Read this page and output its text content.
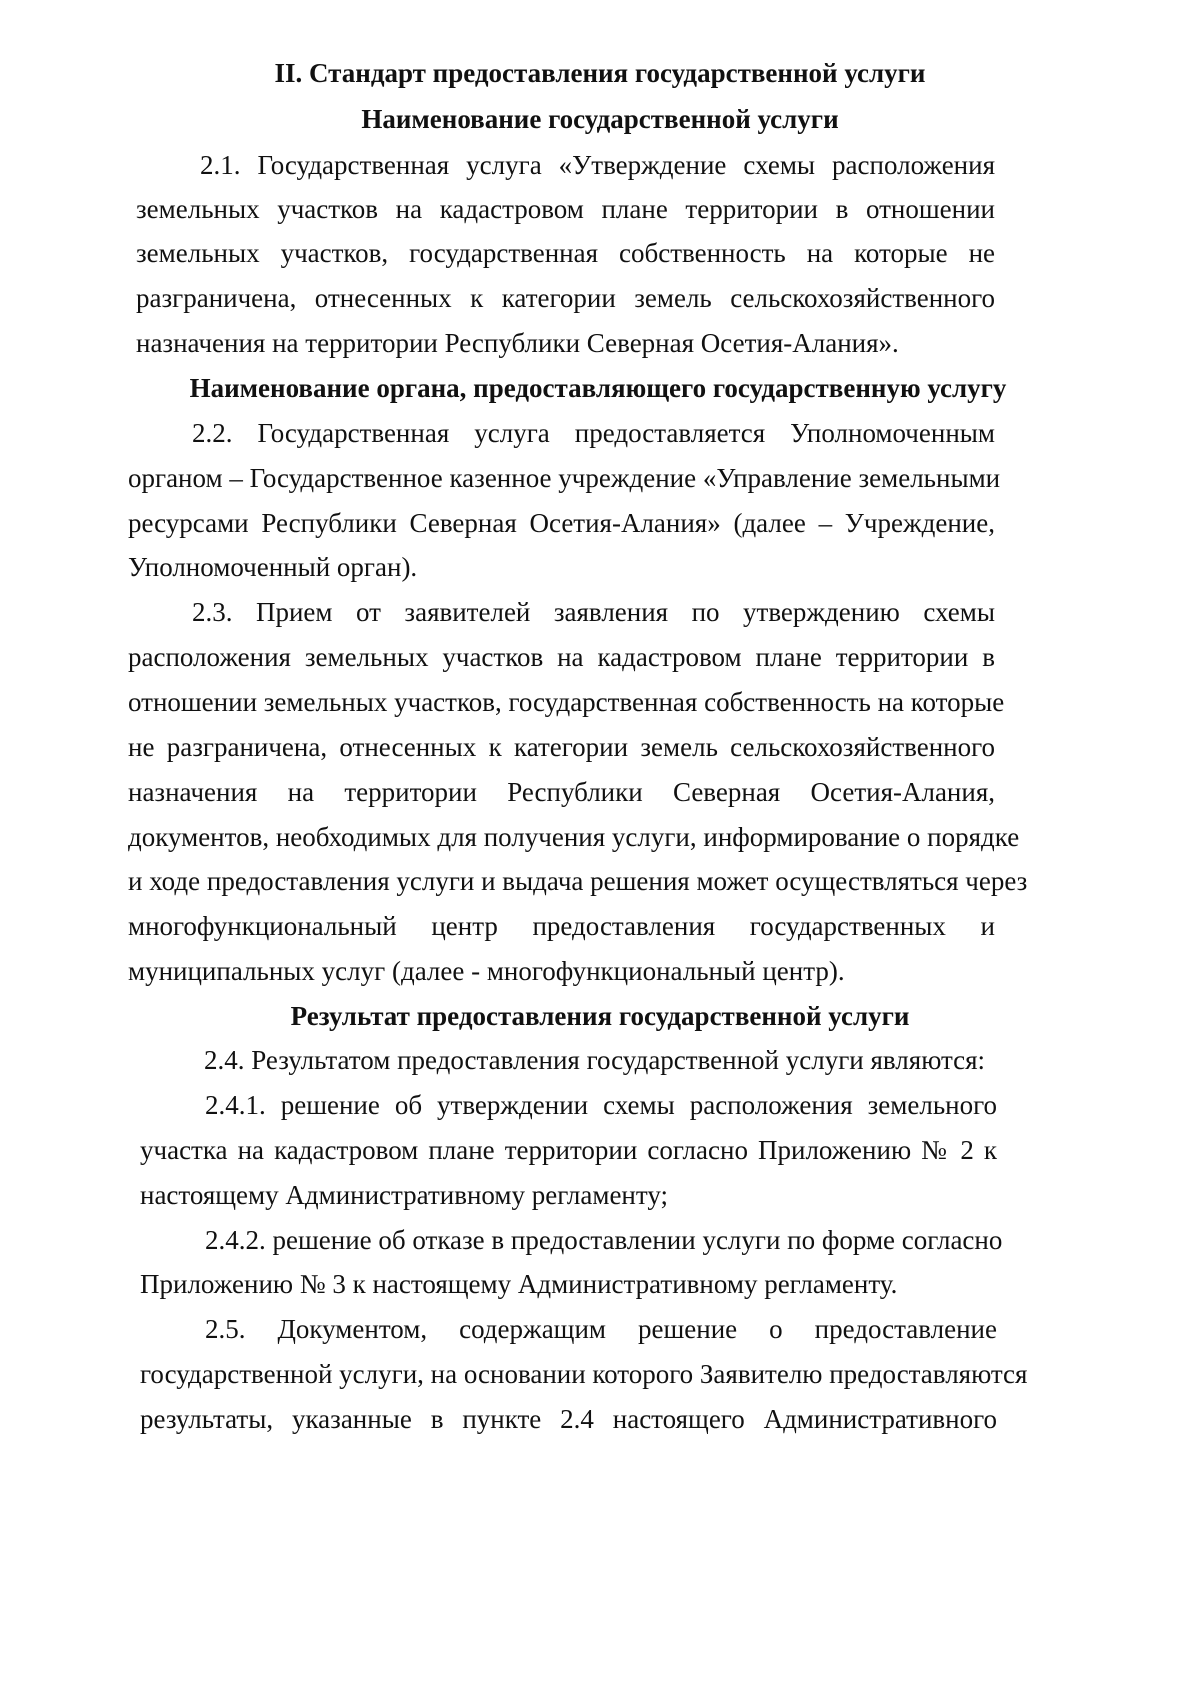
II. Стандарт предоставления государственной услуги
Наименование государственной услуги
2.1. Государственная услуга «Утверждение схемы расположения
земельных участков на кадастровом плане территории в отношении
земельных участков, государственная собственность на которые не
разграничена, отнесенных к категории земель сельскохозяйственного
назначения на территории Республики Северная Осетия-Алания».
Наименование органа, предоставляющего государственную услугу
2.2. Государственная услуга предоставляется Уполномоченным
органом – Государственное казенное учреждение «Управление земельными
ресурсами Республики Северная Осетия-Алания» (далее – Учреждение,
Уполномоченный орган).
2.3. Прием от заявителей заявления по утверждению схемы
расположения земельных участков на кадастровом плане территории в
отношении земельных участков, государственная собственность на которые
не разграничена, отнесенных к категории земель сельскохозяйственного
назначения на территории Республики Северная Осетия-Алания,
документов, необходимых для получения услуги, информирование о порядке
и ходе предоставления услуги и выдача решения может осуществляться через
многофункциональный центр предоставления государственных и
муниципальных услуг (далее - многофункциональный центр).
Результат предоставления государственной услуги
2.4. Результатом предоставления государственной услуги являются:
2.4.1. решение об утверждении схемы расположения земельного
участка на кадастровом плане территории согласно Приложению № 2 к
настоящему Административному регламенту;
2.4.2. решение об отказе в предоставлении услуги по форме согласно
Приложению № 3 к настоящему Административному регламенту.
2.5. Документом, содержащим решение о предоставление
государственной услуги, на основании которого Заявителю предоставляются
результаты, указанные в пункте 2.4 настоящего Административного
